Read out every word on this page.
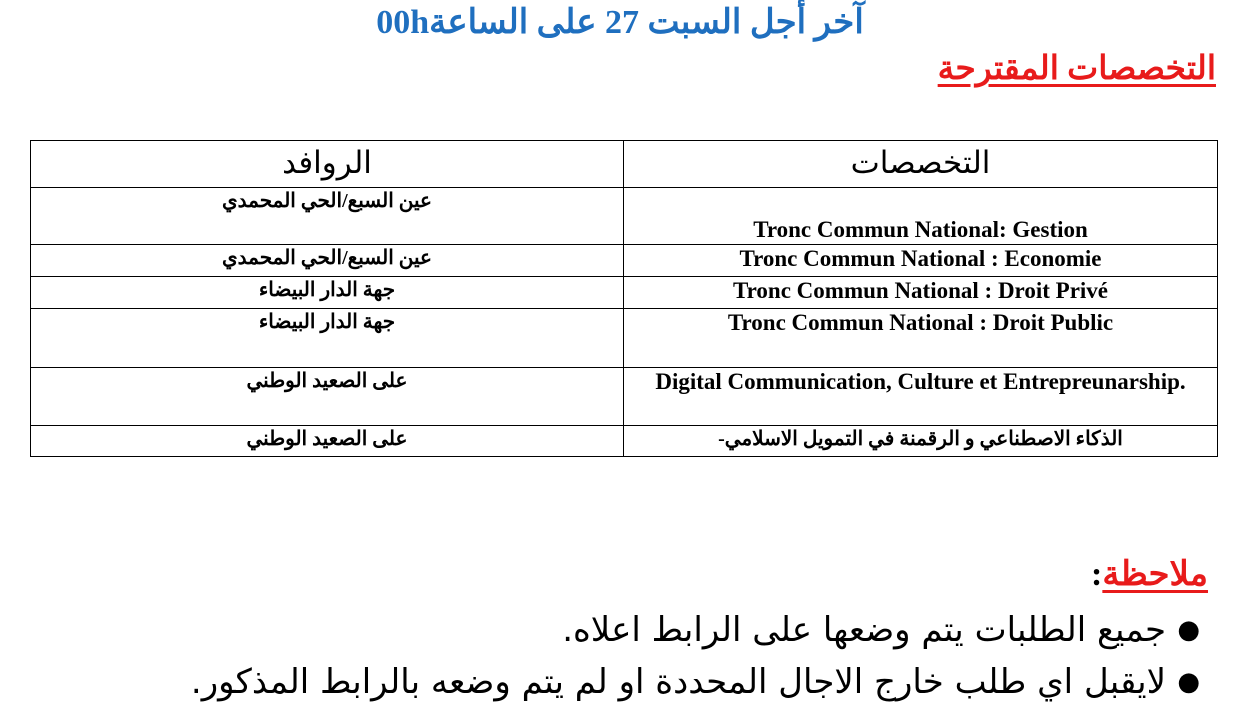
آخر أجل السبت 27 على الساعة00h
التخصصات المقترحة
الروافد	التخصصات
عين السبع/الحي المحمدي	Tronc Commun National: Gestion
عين السبع/الحي المحمدي	Tronc Commun National : Economie
جهة الدار البيضاء	Tronc Commun National : Droit Privé
جهة الدار البيضاء	Tronc Commun National : Droit Public
على الصعيد الوطني	Digital Communication, Culture et Entrepreunarship.
على الصعيد الوطني	الذكاء الاصطناعي و الرقمنة في التمويل الاسلامي-
ملاحظة:
●
جميع الطلبات يتم وضعها على الرابط اعلاه.
●
لايقبل اي طلب خارج الاجال المحددة او لم يتم وضعه بالرابط المذكور.
